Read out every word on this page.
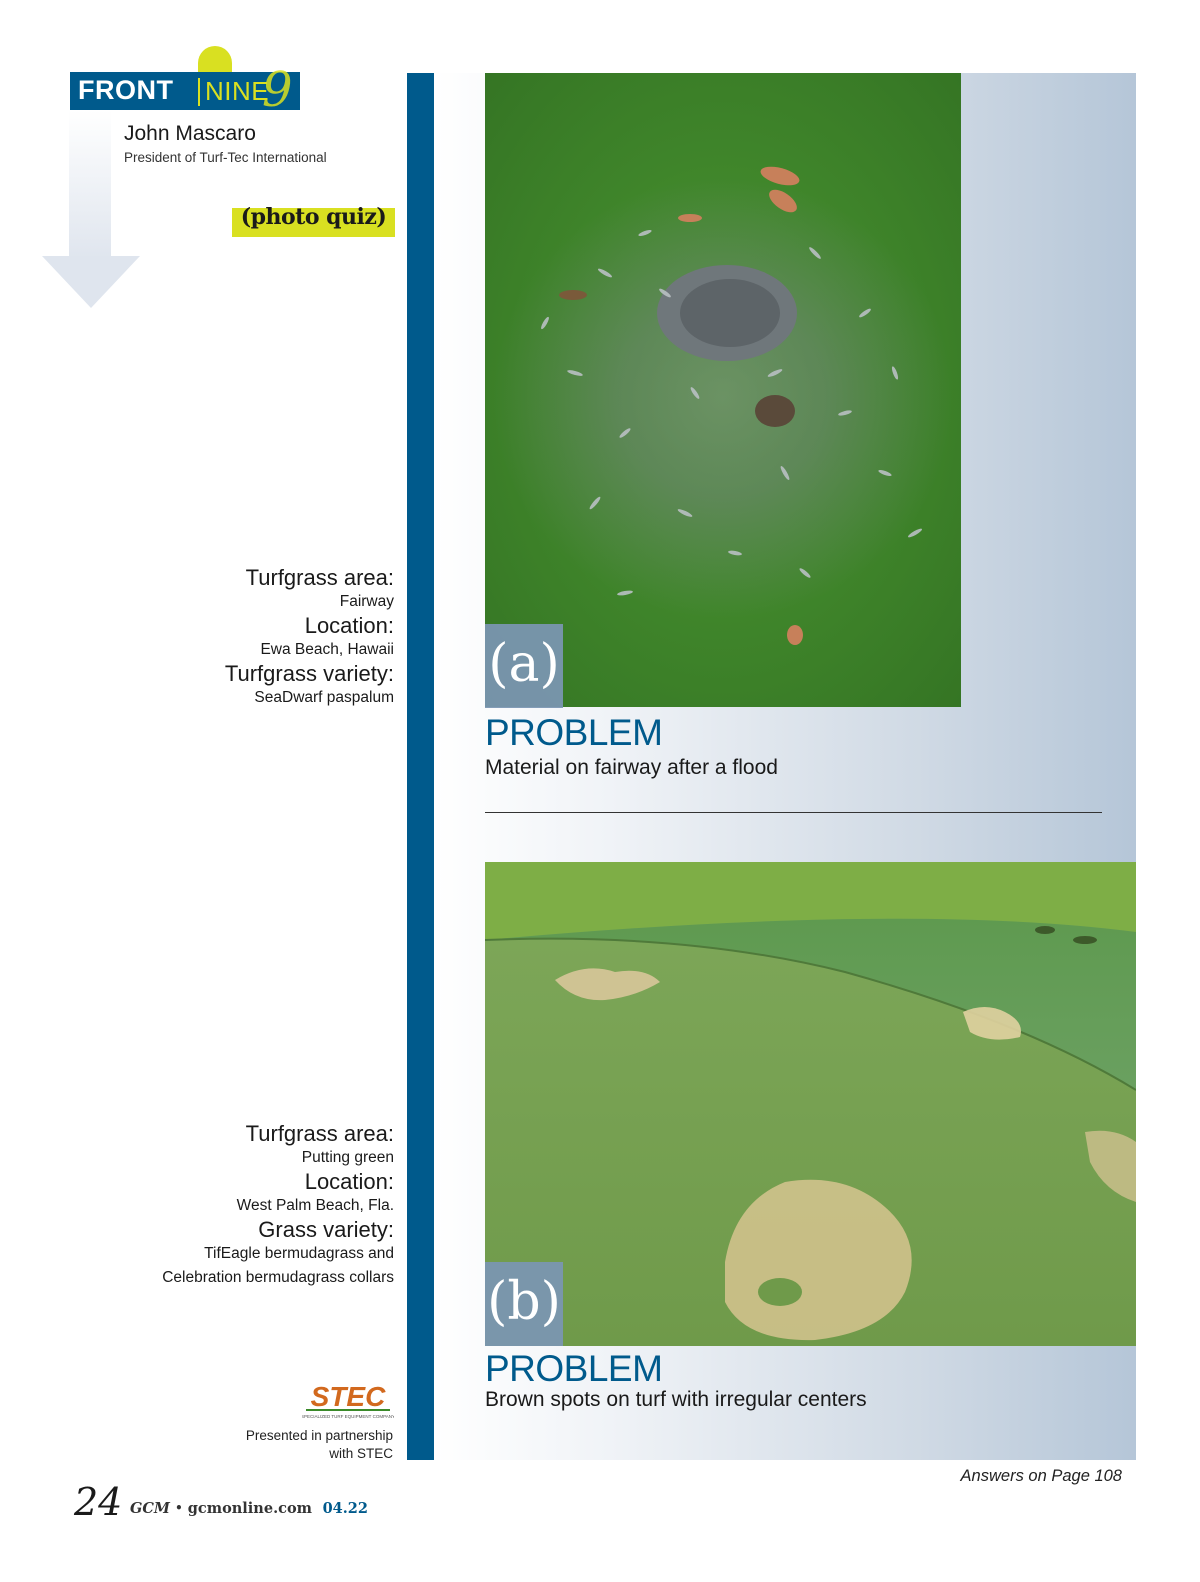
FRONT NINE
9
John Mascaro
President of Turf-Tec International
(photo quiz)
Turfgrass area:
Fairway
Location:
Ewa Beach, Hawaii
Turfgrass variety:
SeaDwarf paspalum
Turfgrass area:
Putting green
Location:
West Palm Beach, Fla.
Grass variety:
TifEagle bermudagrass and
Celebration bermudagrass collars
(a)
PROBLEM
Material on fairway after a flood
(b)
PROBLEM
Brown spots on turf with irregular centers
STEC
SPECIALIZED TURF EQUIPMENT COMPANY
Presented in partnership
with STEC
Answers on Page 108
24 GCM • gcmonline.com 04.22
